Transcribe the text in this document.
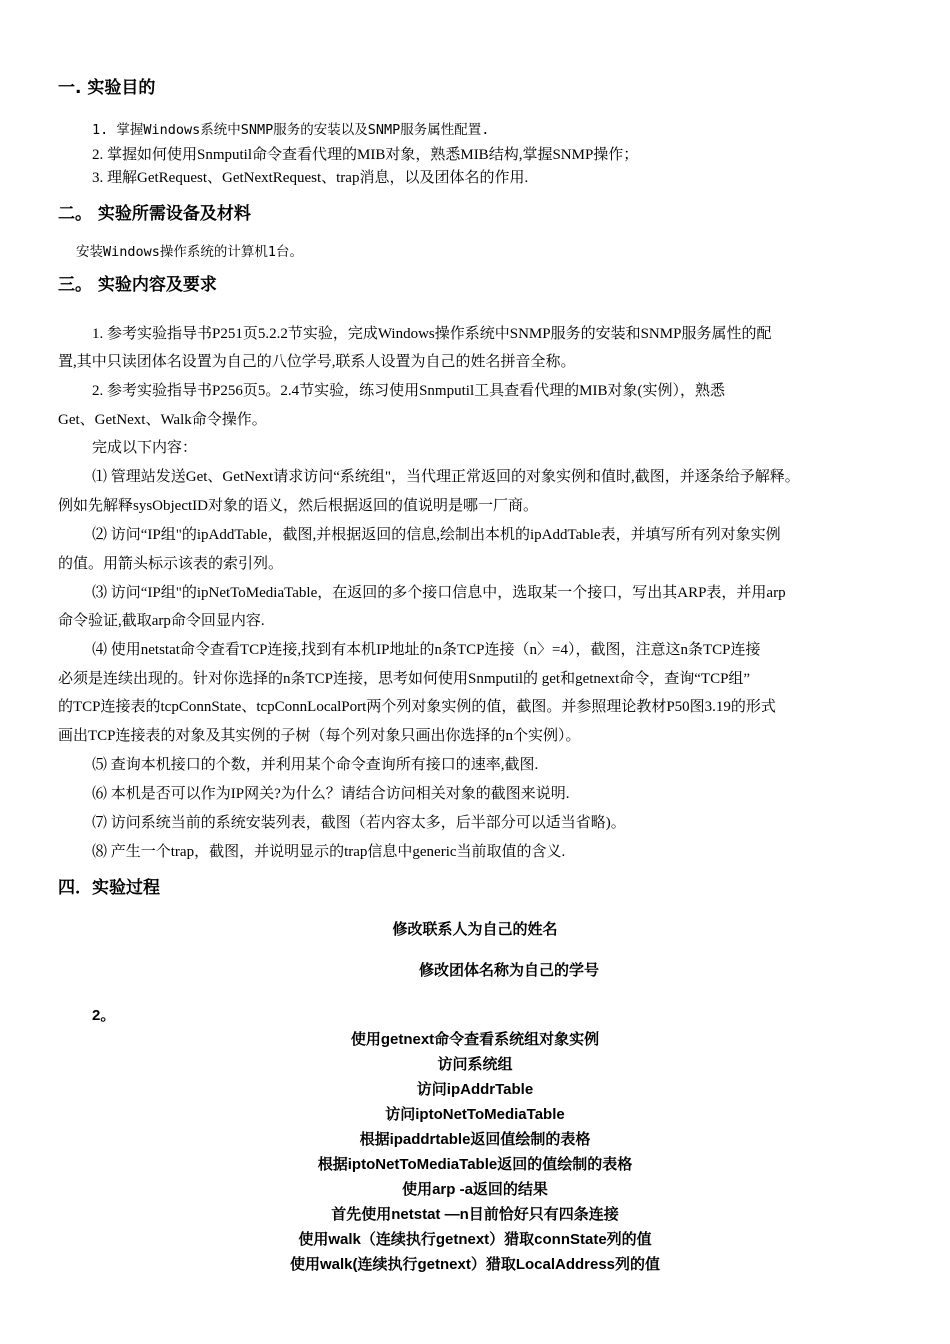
一. 实验目的
1. 掌握Windows系统中SNMP服务的安装以及SNMP服务属性配置.
2. 掌握如何使用Snmputil命令查看代理的MIB对象，熟悉MIB结构,掌握SNMP操作；
3. 理解GetRequest、GetNextRequest、trap消息，以及团体名的作用.
二。 实验所需设备及材料
安装Windows操作系统的计算机1台。
三。 实验内容及要求
1. 参考实验指导书P251页5.2.2节实验，完成Windows操作系统中SNMP服务的安装和SNMP服务属性的配
置,其中只读团体名设置为自己的八位学号,联系人设置为自己的姓名拼音全称。
2. 参考实验指导书P256页5。2.4节实验，练习使用Snmputil工具查看代理的MIB对象(实例），熟悉
Get、GetNext、Walk命令操作。
完成以下内容：
⑴ 管理站发送Get、GetNext请求访问“系统组"，当代理正常返回的对象实例和值时,截图，并逐条给予解释。
例如先解释sysObjectID对象的语义，然后根据返回的值说明是哪一厂商。
⑵ 访问“IP组"的ipAddTable，截图,并根据返回的信息,绘制出本机的ipAddTable表，并填写所有列对象实例
的值。用箭头标示该表的索引列。
⑶ 访问“IP组"的ipNetToMediaTable，在返回的多个接口信息中，选取某一个接口，写出其ARP表，并用arp
命令验证,截取arp命令回显内容.
⑷ 使用netstat命令查看TCP连接,找到有本机IP地址的n条TCP连接（n〉=4），截图，注意这n条TCP连接
必须是连续出现的。针对你选择的n条TCP连接，思考如何使用Snmputil的 get和getnext命令，查询“TCP组”
的TCP连接表的tcpConnState、tcpConnLocalPort两个列对象实例的值，截图。并参照理论教材P50图3.19的形式
画出TCP连接表的对象及其实例的子树（每个列对象只画出你选择的n个实例）。
⑸ 查询本机接口的个数，并利用某个命令查询所有接口的速率,截图.
⑹ 本机是否可以作为IP网关?为什么？请结合访问相关对象的截图来说明.
⑺ 访问系统当前的系统安装列表，截图（若内容太多，后半部分可以适当省略)。
⑻ 产生一个trap，截图，并说明显示的trap信息中generic当前取值的含义.
四．实验过程
修改联系人为自己的姓名
修改团体名称为自己的学号
2。
使用getnext命令查看系统组对象实例
访问系统组
访问ipAddrTable
访问iptoNetToMediaTable
根据ipaddrtable返回值绘制的表格
根据iptoNetToMediaTable返回的值绘制的表格
使用arp -a返回的结果
首先使用netstat —n目前恰好只有四条连接
使用walk（连续执行getnext）猎取connState列的值
使用walk(连续执行getnext）猎取LocalAddress列的值
